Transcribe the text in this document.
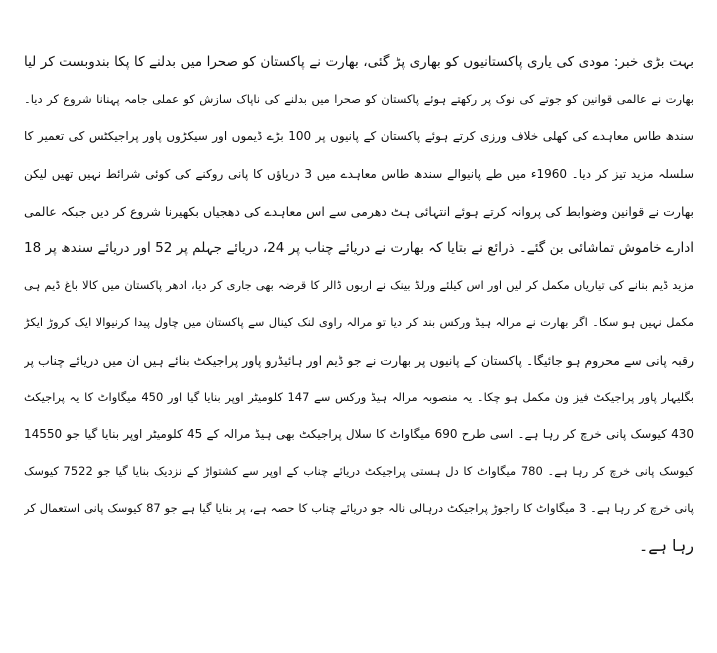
بہت بڑی خبر: مودی کی یاری پاکستانیوں کو بھاری پڑ گئی، بھارت نے پاکستان کو صحرا میں بدلنے کا پکا بندوبست کر لیا
بھارت نے عالمی قوانین کو جوتے کی نوک پر رکھتے ہوئے پاکستان کو صحرا میں بدلنے کی ناپاک سازش کو عملی جامہ پہنانا شروع کر دیا۔
سندھ طاس معاہدے کی کھلی خلاف ورزی کرتے ہوئے پاکستان کے پانیوں پر 100 بڑے ڈیموں اور سیکڑوں پاور پراجیکٹس کی تعمیر کا
سلسلہ مزید تیز کر دیا۔ 1960ء میں طے پانیوالے سندھ طاس معاہدے میں 3 دریاؤں کا پانی روکنے کی کوئی شرائط نہیں تھیں لیکن
بھارت نے قوانین وضوابط کی پروانہ کرتے ہوئے انتہائی ہٹ دھرمی سے اس معاہدے کی دھجیاں بکھیرنا شروع کر دیں جبکہ عالمی
ادارے خاموش تماشائی بن گئے۔ ذرائع نے بتایا کہ بھارت نے دریائے چناب پر 24، دریائے جہلم پر 52 اور دریائے سندھ پر 18
مزید ڈیم بنانے کی تیاریاں مکمل کر لیں اور اس کیلئے ورلڈ بینک نے اربوں ڈالر کا قرضہ بھی جاری کر دیا، ادھر پاکستان میں کالا باغ ڈیم ہی
مکمل نہیں ہو سکا۔ اگر بھارت نے مرالہ ہیڈ ورکس بند کر دیا تو مرالہ راوی لنک کینال سے پاکستان میں چاول پیدا کرنیوالا ایک کروڑ ایکڑ
رقبہ پانی سے محروم ہو جائیگا۔ پاکستان کے پانیوں پر بھارت نے جو ڈیم اور ہائیڈرو پاور پراجیکٹ بنائے ہیں ان میں دریائے چناب پر
بگلیہار پاور پراجیکٹ فیز ون مکمل ہو چکا۔ یہ منصوبہ مرالہ ہیڈ ورکس سے 147 کلومیٹر اوپر بنایا گیا اور 450 میگاواٹ کا یہ پراجیکٹ
430 کیوسک پانی خرچ کر رہا ہے۔ اسی طرح 690 میگاواٹ کا سلال پراجیکٹ بھی ہیڈ مرالہ کے 45 کلومیٹر اوپر بنایا گیا جو 14550
کیوسک پانی خرچ کر رہا ہے۔ 780 میگاواٹ کا دل ہستی پراجیکٹ دریائے چناب کے اوپر سے کشتواڑ کے نزدیک بنایا گیا جو 7522 کیوسک
پانی خرچ کر رہا ہے۔ 3 میگاواٹ کا راجوڑ پراجیکٹ درہالی نالہ جو دریائے چناب کا حصہ ہے، پر بنایا گیا ہے جو 87 کیوسک پانی استعمال کر
رہا ہے۔
